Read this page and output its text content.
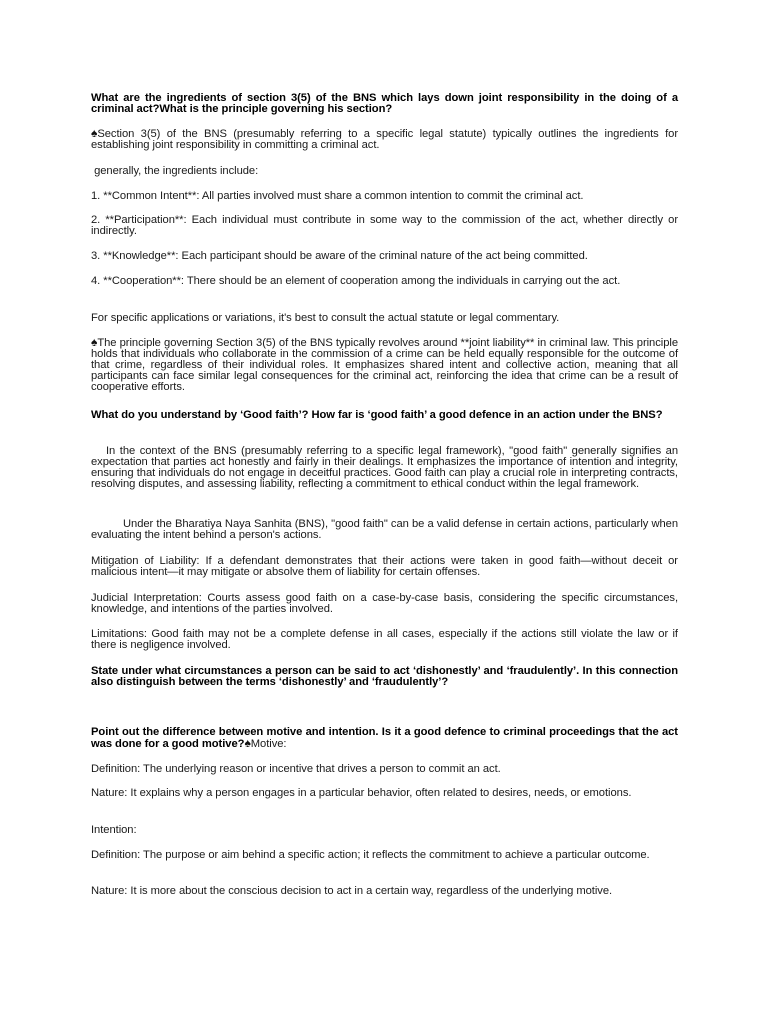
What are the ingredients of section 3(5) of the BNS which lays down joint responsibility in the doing of a criminal act?What is the principle governing his section?

♠Section 3(5) of the BNS (presumably referring to a specific legal statute) typically outlines the ingredients for establishing joint responsibility in committing a criminal act.

generally, the ingredients include:

1. **Common Intent**: All parties involved must share a common intention to commit the criminal act.

2. **Participation**: Each individual must contribute in some way to the commission of the act, whether directly or indirectly.

3. **Knowledge**: Each participant should be aware of the criminal nature of the act being committed.

4. **Cooperation**: There should be an element of cooperation among the individuals in carrying out the act.

For specific applications or variations, it's best to consult the actual statute or legal commentary.

♠The principle governing Section 3(5) of the BNS typically revolves around **joint liability** in criminal law. This principle holds that individuals who collaborate in the commission of a crime can be held equally responsible for the outcome of that crime, regardless of their individual roles. It emphasizes shared intent and collective action, meaning that all participants can face similar legal consequences for the criminal act, reinforcing the idea that crime can be a result of cooperative efforts.

What do you understand by ‘Good faith’? How far is ‘good faith’ a good defence in an action under the BNS?

In the context of the BNS (presumably referring to a specific legal framework), "good faith" generally signifies an expectation that parties act honestly and fairly in their dealings. It emphasizes the importance of intention and integrity, ensuring that individuals do not engage in deceitful practices. Good faith can play a crucial role in interpreting contracts, resolving disputes, and assessing liability, reflecting a commitment to ethical conduct within the legal framework.

Under the Bharatiya Naya Sanhita (BNS), "good faith" can be a valid defense in certain actions, particularly when evaluating the intent behind a person's actions.

Mitigation of Liability: If a defendant demonstrates that their actions were taken in good faith—without deceit or malicious intent—it may mitigate or absolve them of liability for certain offenses.

Judicial Interpretation: Courts assess good faith on a case-by-case basis, considering the specific circumstances, knowledge, and intentions of the parties involved.

Limitations: Good faith may not be a complete defense in all cases, especially if the actions still violate the law or if there is negligence involved.

State under what circumstances a person can be said to act ‘dishonestly’ and ‘fraudulently’. In this connection also distinguish between the terms ‘dishonestly’ and ‘fraudulently’?

Point out the difference between motive and intention. Is it a good defence to criminal proceedings that the act was done for a good motive?♠Motive:

Definition: The underlying reason or incentive that drives a person to commit an act.

Nature: It explains why a person engages in a particular behavior, often related to desires, needs, or emotions.

Intention:

Definition: The purpose or aim behind a specific action; it reflects the commitment to achieve a particular outcome.

Nature: It is more about the conscious decision to act in a certain way, regardless of the underlying motive.
